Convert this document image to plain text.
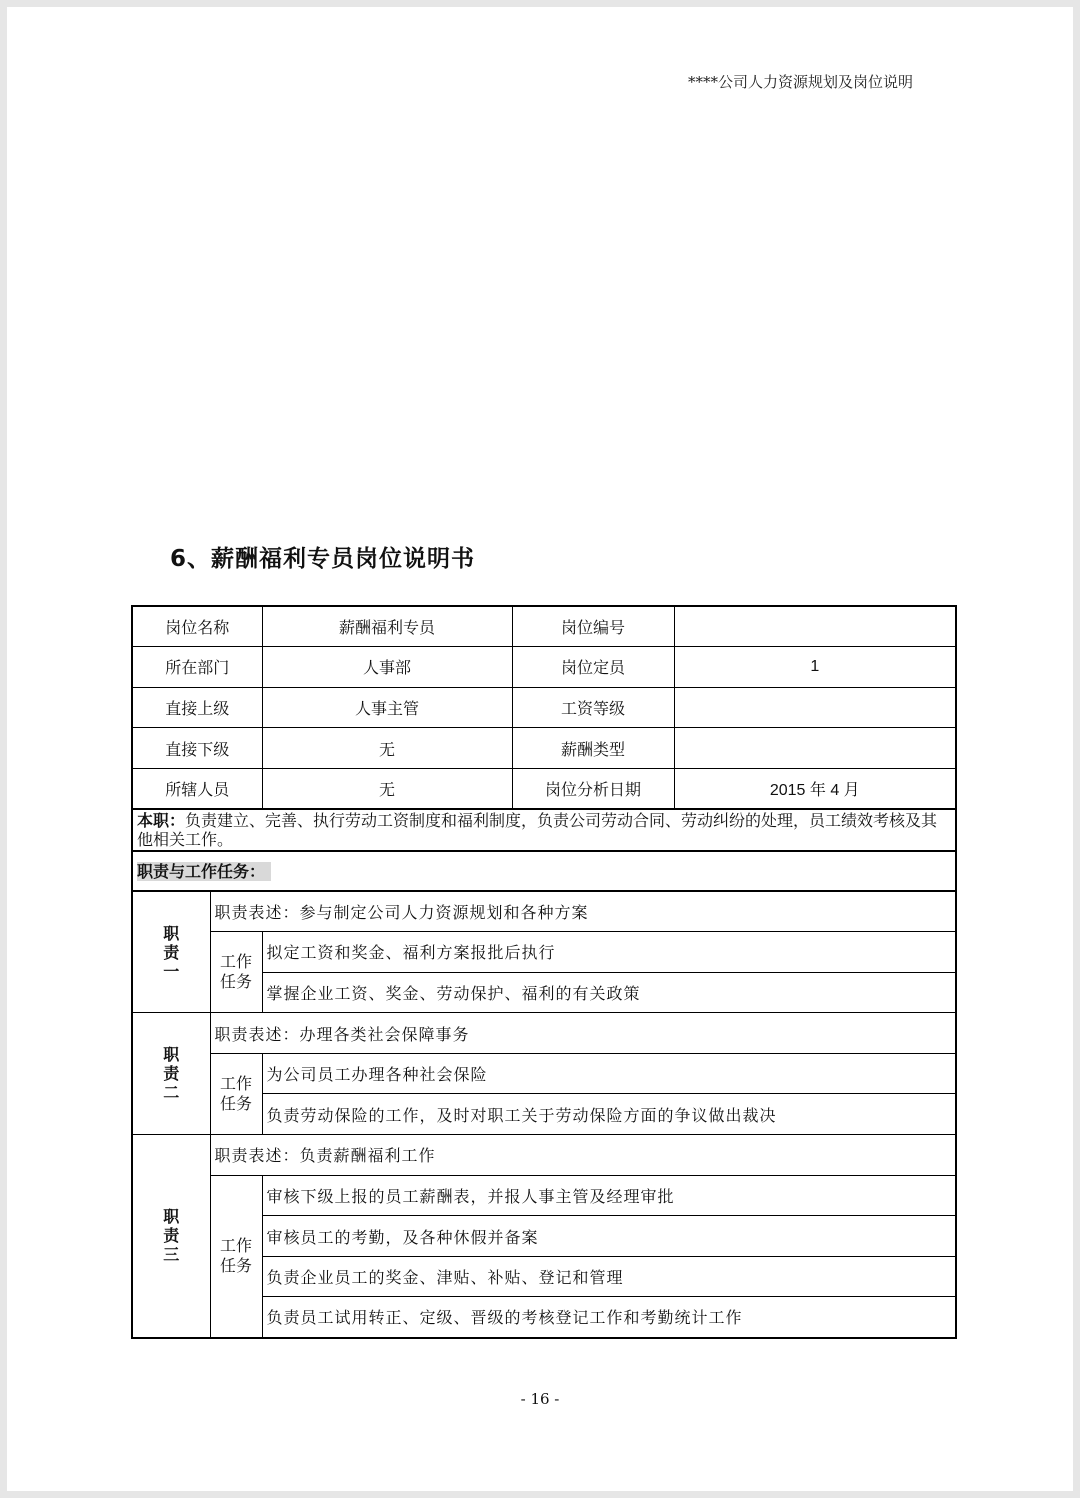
****公司人力资源规划及岗位说明
6、薪酬福利专员岗位说明书
岗位名称		薪酬福利专员	岗位编号	
所在部门		人事部	岗位定员	1
直接上级		人事主管	工资等级	
直接下级		无	薪酬类型	
所辖人员		无	岗位分析日期	2015 年 4 月
本职：负责建立、完善、执行劳动工资制度和福利制度，负责公司劳动合同、劳动纠纷的处理，员工绩效考核及其他相关工作。				
职责与工作任务：				
职责一	职责表述：参与制定公司人力资源规划和各种方案			
	工作任务	拟定工资和奖金、福利方案报批后执行		
		掌握企业工资、奖金、劳动保护、福利的有关政策		
职责二	职责表述：办理各类社会保障事务			
	工作任务	为公司员工办理各种社会保险		
		负责劳动保险的工作，及时对职工关于劳动保险方面的争议做出裁决		
职责三	职责表述：负责薪酬福利工作			
	工作任务	审核下级上报的员工薪酬表，并报人事主管及经理审批		
		审核员工的考勤，及各种休假并备案		
		负责企业员工的奖金、津贴、补贴、登记和管理		
		负责员工试用转正、定级、晋级的考核登记工作和考勤统计工作		
- 16 -
